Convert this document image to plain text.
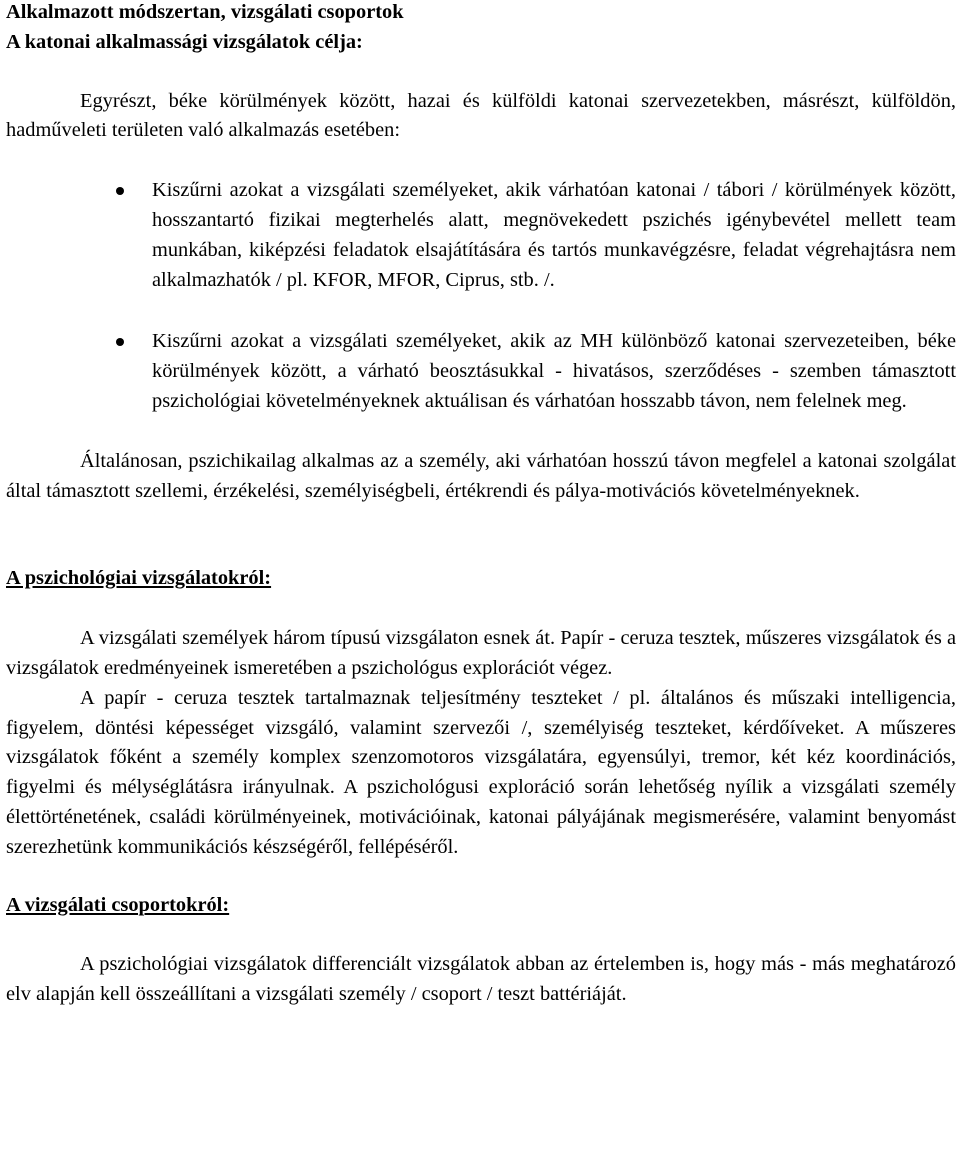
Alkalmazott módszertan, vizsgálati csoportok

A katonai alkalmassági vizsgálatok célja:

Egyrészt, béke körülmények között, hazai és külföldi katonai szervezetekben, másrészt, külföldön, hadműveleti területen való alkalmazás esetében:

Kiszűrni azokat a vizsgálati személyeket, akik várhatóan katonai / tábori / körülmények között, hosszantartó fizikai megterhelés alatt, megnövekedett pszichés igénybevétel mellett team munkában, kiképzési feladatok elsajátítására és tartós munkavégzésre, feladat végrehajtásra nem alkalmazhatók / pl. KFOR, MFOR, Ciprus, stb. /.
Kiszűrni azokat a vizsgálati személyeket, akik az MH különböző katonai szervezeteiben, béke körülmények között, a várható beosztásukkal - hivatásos, szerződéses - szemben támasztott pszichológiai követelményeknek aktuálisan és várhatóan hosszabb távon, nem felelnek meg.

Általánosan, pszichikailag alkalmas az a személy, aki várhatóan hosszú távon megfelel a katonai szolgálat által támasztott szellemi, érzékelési, személyiségbeli, értékrendi és pálya-motivációs követelményeknek.

A pszichológiai vizsgálatokról:

A vizsgálati személyek három típusú vizsgálaton esnek át. Papír - ceruza tesztek, műszeres vizsgálatok és a vizsgálatok eredményeinek ismeretében a pszichológus explorációt végez.

A papír - ceruza tesztek tartalmaznak teljesítmény teszteket / pl. általános és műszaki intelligencia, figyelem, döntési képességet vizsgáló, valamint szervezői /, személyiség teszteket, kérdőíveket. A műszeres vizsgálatok főként a személy komplex szenzomotoros vizsgálatára, egyensúlyi, tremor, két kéz koordinációs, figyelmi és mélységlátásra irányulnak. A pszichológusi exploráció során lehetőség nyílik a vizsgálati személy élettörténetének, családi körülményeinek, motivációinak, katonai pályájának megismerésére, valamint benyomást szerezhetünk kommunikációs készségéről, fellépéséről.

A vizsgálati csoportokról:

A pszichológiai vizsgálatok differenciált vizsgálatok abban az értelemben is, hogy más - más meghatározó elv alapján kell összeállítani a vizsgálati személy / csoport / teszt battériáját.
